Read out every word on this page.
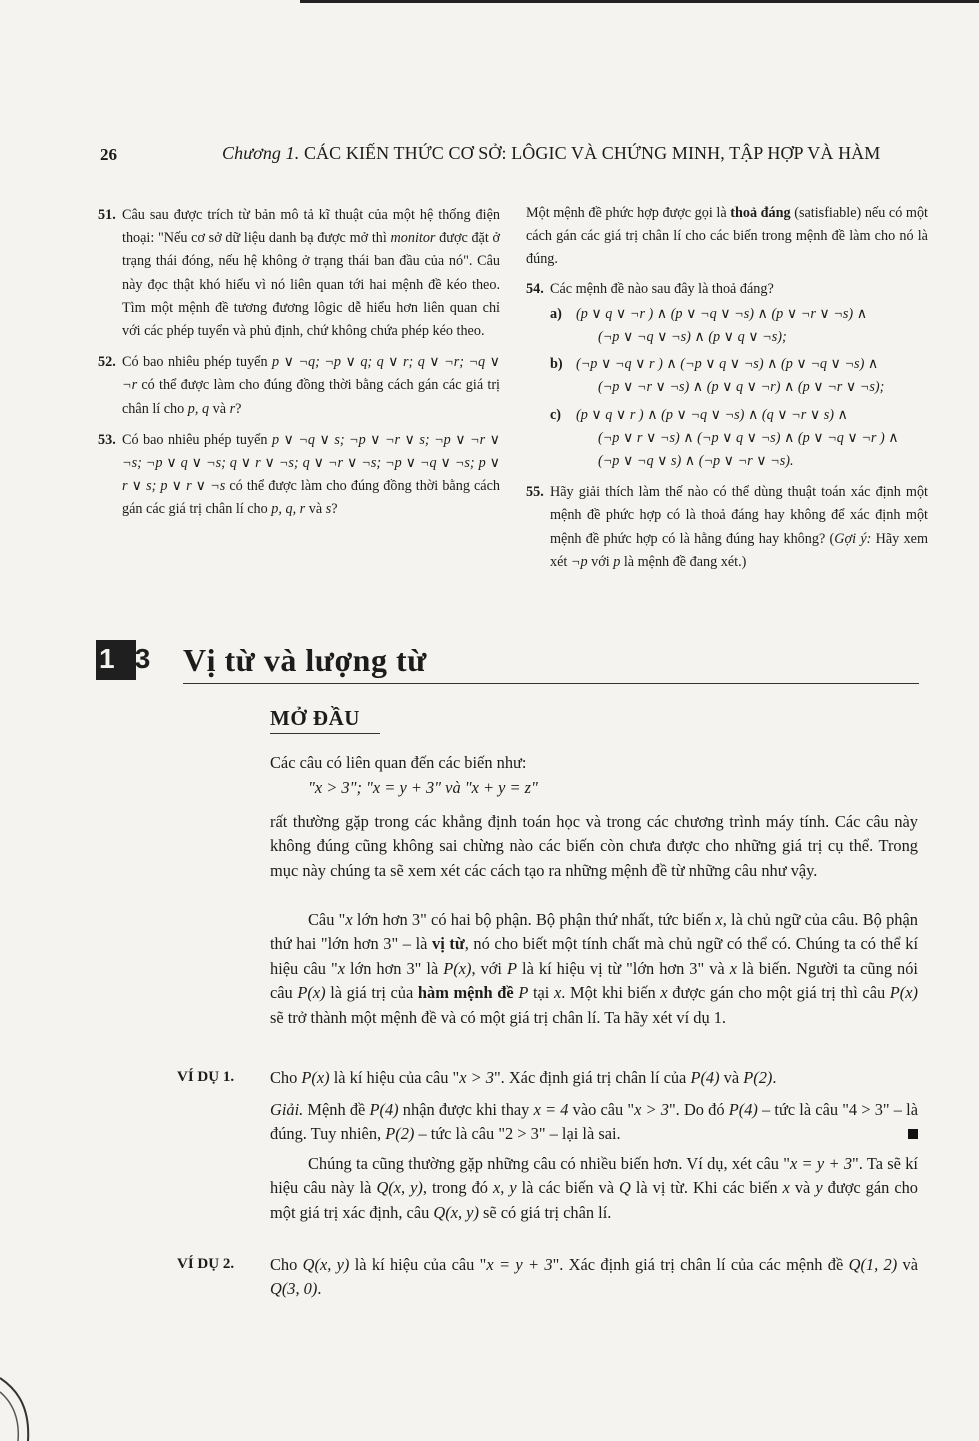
26	Chương 1. CÁC KIẾN THỨC CƠ SỞ: LÔGIC VÀ CHỨNG MINH, TẬP HỢP VÀ HÀM
51. Câu sau được trích từ bản mô tả kĩ thuật của một hệ thống điện thoại: "Nếu cơ sở dữ liệu danh bạ được mở thì monitor được đặt ở trạng thái đóng, nếu hệ không ở trạng thái ban đầu của nó". Câu này đọc thật khó hiểu vì nó liên quan tới hai mệnh đề kéo theo. Tìm một mệnh đề tương đương lôgic dễ hiểu hơn liên quan chỉ với các phép tuyển và phủ định, chứ không chứa phép kéo theo.
52. Có bao nhiêu phép tuyển p ∨ ¬q; ¬p ∨ q; q ∨ r; q ∨ ¬r; ¬q ∨ ¬r có thể được làm cho đúng đồng thời bằng cách gán các giá trị chân lí cho p, q và r?
53. Có bao nhiêu phép tuyển p ∨ ¬q ∨ s; ¬p ∨ ¬r ∨ s; ¬p ∨ ¬r ∨ ¬s; ¬p ∨ q ∨ ¬s; q ∨ r ∨ ¬s; q ∨ ¬r ∨ ¬s; ¬p ∨ ¬q ∨ ¬s; p ∨ r ∨ s; p ∨ r ∨ ¬s có thể được làm cho đúng đồng thời bằng cách gán các giá trị chân lí cho p, q, r và s?

Một mệnh đề phức hợp được gọi là thoả đáng (satisfiable) nếu có một cách gán các giá trị chân lí cho các biến trong mệnh đề làm cho nó là đúng.

54. Các mệnh đề nào sau đây là thoả đáng?
a) (p ∨ q ∨ ¬r ) ∧ (p ∨ ¬q ∨ ¬s) ∧ (p ∨ ¬r ∨ ¬s) ∧
(¬p ∨ ¬q ∨ ¬s) ∧ (p ∨ q ∨ ¬s);
b) (¬p ∨ ¬q ∨ r ) ∧ (¬p ∨ q ∨ ¬s) ∧ (p ∨ ¬q ∨ ¬s) ∧
(¬p ∨ ¬r ∨ ¬s) ∧ (p ∨ q ∨ ¬r) ∧ (p ∨ ¬r ∨ ¬s);
c) (p ∨ q ∨ r ) ∧ (p ∨ ¬q ∨ ¬s) ∧ (q ∨ ¬r ∨ s) ∧
(¬p ∨ r ∨ ¬s) ∧ (¬p ∨ q ∨ ¬s) ∧ (p ∨ ¬q ∨ ¬r ) ∧
(¬p ∨ ¬q ∨ s) ∧ (¬p ∨ ¬r ∨ ¬s).
55. Hãy giải thích làm thế nào có thể dùng thuật toán xác định một mệnh đề phức hợp có là thoả đáng hay không để xác định một mệnh đề phức hợp có là hằng đúng hay không? (Gợi ý: Hãy xem xét ¬p với p là mệnh đề đang xét.)
1 .3 Vị từ và lượng từ
MỞ ĐẦU
Các câu có liên quan đến các biến như:
"x > 3"; "x = y + 3" và "x + y = z"
rất thường gặp trong các khẳng định toán học và trong các chương trình máy tính. Các câu này không đúng cũng không sai chừng nào các biến còn chưa được cho những giá trị cụ thể. Trong mục này chúng ta sẽ xem xét các cách tạo ra những mệnh đề từ những câu như vậy.

Câu "x lớn hơn 3" có hai bộ phận. Bộ phận thứ nhất, tức biến x, là chủ ngữ của câu. Bộ phận thứ hai "lớn hơn 3" – là vị từ, nó cho biết một tính chất mà chủ ngữ có thể có. Chúng ta có thể kí hiệu câu "x lớn hơn 3" là P(x), với P là kí hiệu vị từ "lớn hơn 3" và x là biến. Người ta cũng nói câu P(x) là giá trị của hàm mệnh đề P tại x. Một khi biến x được gán cho một giá trị thì câu P(x) sẽ trở thành một mệnh đề và có một giá trị chân lí. Ta hãy xét ví dụ 1.

VÍ DỤ 1. Cho P(x) là kí hiệu của câu "x > 3". Xác định giá trị chân lí của P(4) và P(2).

Giải. Mệnh đề P(4) nhận được khi thay x = 4 vào câu "x > 3". Do đó P(4) – tức là câu "4 > 3" – là đúng. Tuy nhiên, P(2) – tức là câu "2 > 3" – lại là sai.

Chúng ta cũng thường gặp những câu có nhiều biến hơn. Ví dụ, xét câu "x = y + 3". Ta sẽ kí hiệu câu này là Q(x, y), trong đó x, y là các biến và Q là vị từ. Khi các biến x và y được gán cho một giá trị xác định, câu Q(x, y) sẽ có giá trị chân lí.

VÍ DỤ 2. Cho Q(x, y) là kí hiệu của câu "x = y + 3". Xác định giá trị chân lí của các mệnh đề Q(1, 2) và Q(3, 0).
